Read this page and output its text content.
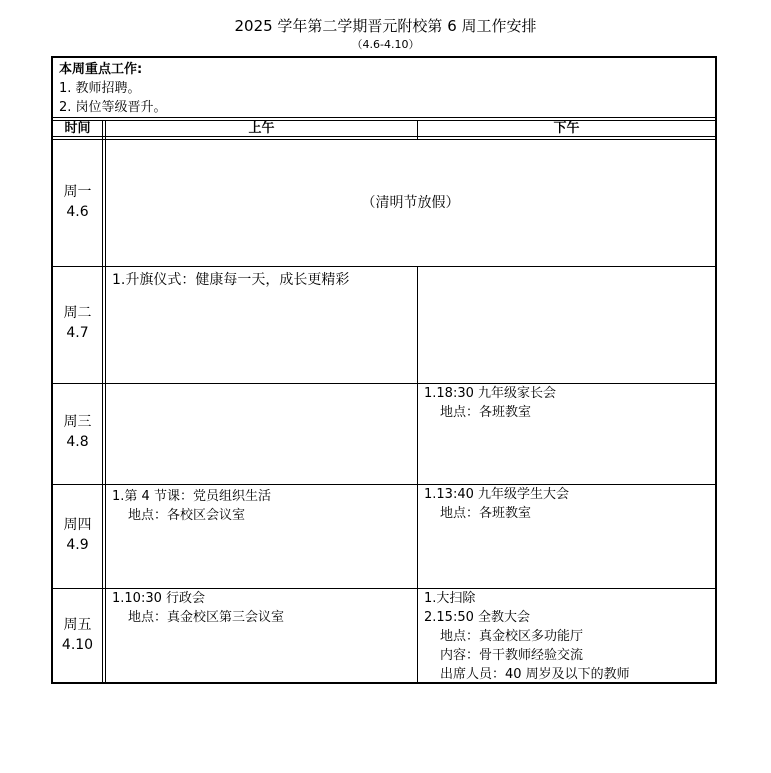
2025 学年第二学期晋元附校第 6 周工作安排
（4.6-4.10）
本周重点工作:
1. 教师招聘。
2. 岗位等级晋升。
时间	上午	下午
周一
4.6
（清明节放假）
周二
4.7
1.升旗仪式：健康每一天，成长更精彩
周三
4.8
1.18:30 九年级家长会
地点：各班教室
周四
4.9
1.第 4 节课：党员组织生活
地点：各校区会议室
1.13:40 九年级学生大会
地点：各班教室
周五
4.10
1.10:30 行政会
地点：真金校区第三会议室
1.大扫除
2.15:50 全教大会
地点：真金校区多功能厅
内容：骨干教师经验交流
出席人员：40 周岁及以下的教师
